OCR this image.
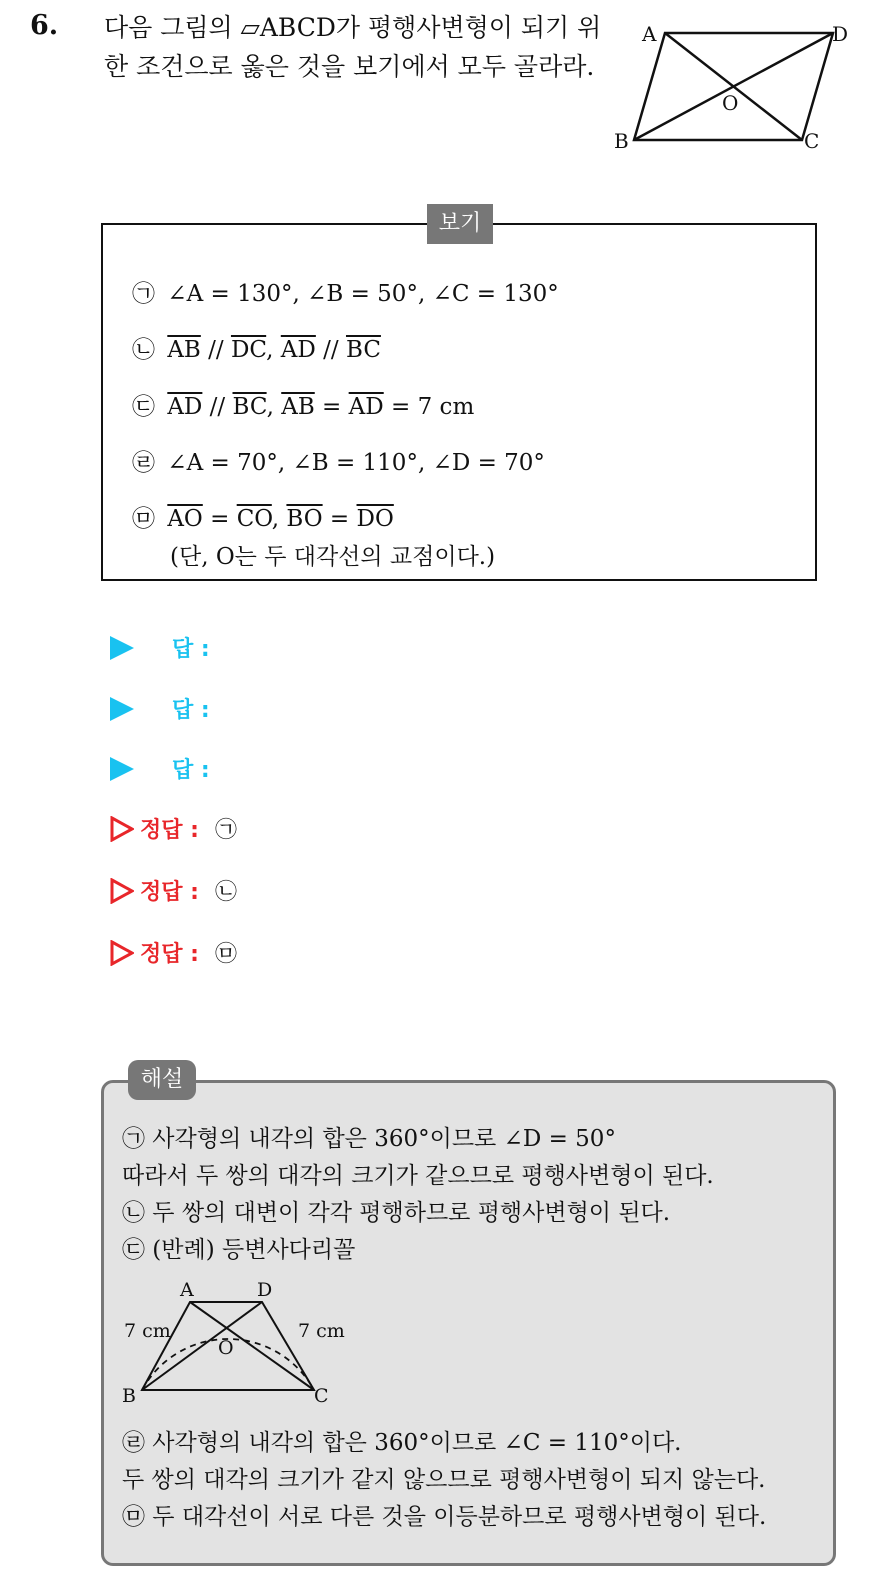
6. 다음 그림의 ▱ABCD가 평행사변형이 되기 위한 조건으로 옳은 것을 보기에서 모두 골라라.
A	D
O
B	C
보기
㉠ ∠A = 130°, ∠B = 50°, ∠C = 130°
㉡ $\overline{AB} // \overline{DC}$, $\overline{AD} // \overline{BC}$
㉢ $\overline{AD} // \overline{BC}$, $\overline{AB} = \overline{AD} = 7$ cm
㉣ ∠A = 70°, ∠B = 110°, ∠D = 70°
㉤ $\overline{AO} = \overline{CO}$, $\overline{BO} = \overline{DO}$
(단, O는 두 대각선의 교점이다.)
답 :
답 :
답 :
정답 : ㉠
정답 : ㉡
정답 : ㉤
해설
㉠ 사각형의 내각의 합은 360°이므로 ∠D = 50°
따라서 두 쌍의 대각의 크기가 같으므로 평행사변형이 된다.
㉡ 두 쌍의 대변이 각각 평행하므로 평행사변형이 된다.
㉢ (반례) 등변사다리꼴
A	D
O
B	C
7 cm	7 cm
㉣ 사각형의 내각의 합은 360°이므로 ∠C = 110°이다.
두 쌍의 대각의 크기가 같지 않으므로 평행사변형이 되지 않는다.
㉤ 두 대각선이 서로 다른 것을 이등분하므로 평행사변형이 된다.
